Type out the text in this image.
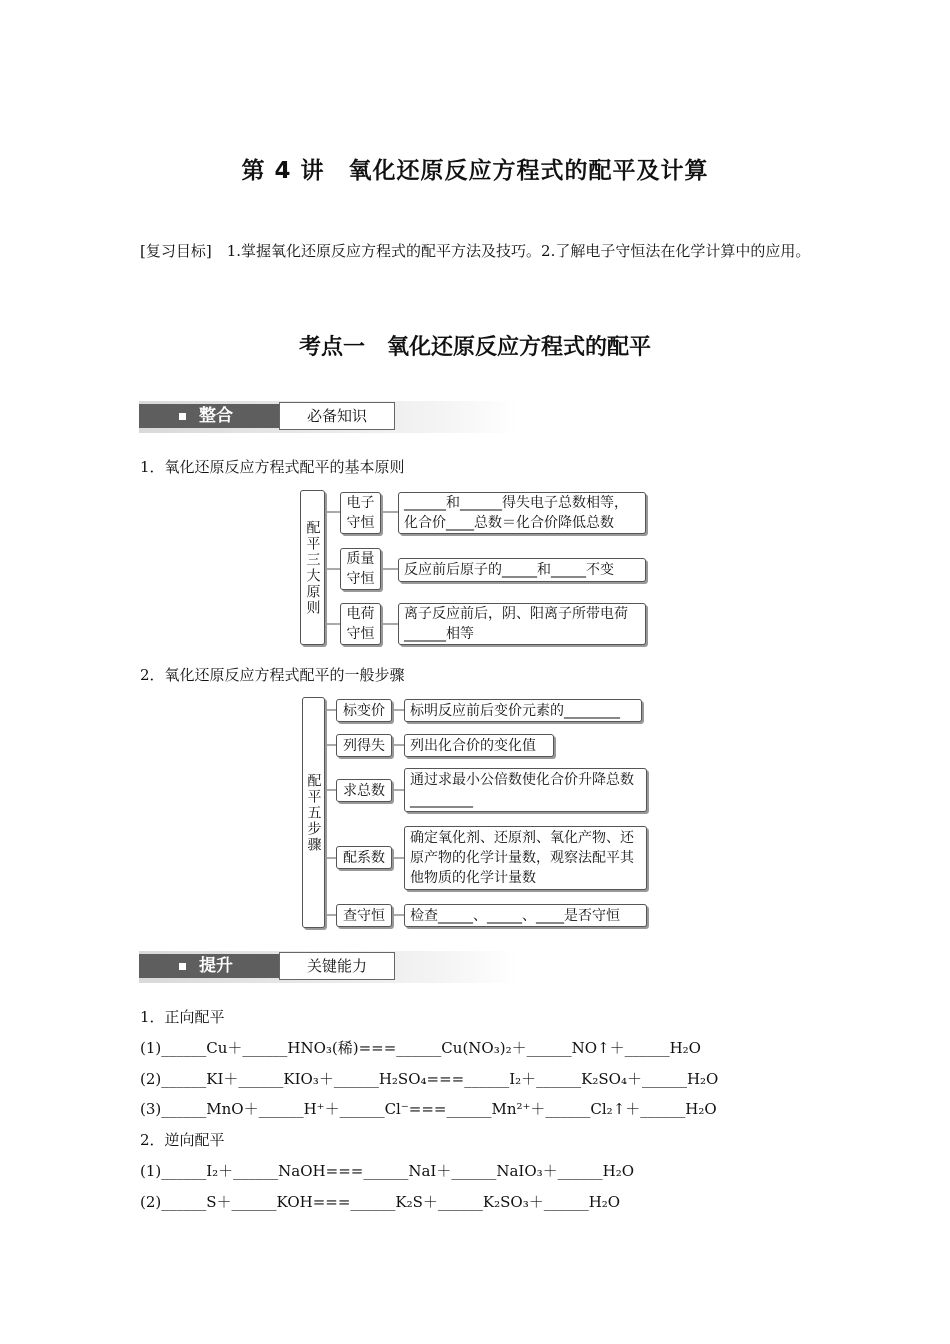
第 4 讲　氧化还原反应方程式的配平及计算
[复习目标]　1.掌握氧化还原反应方程式的配平方法及技巧。2.了解电子守恒法在化学计算中的应用。
考点一　氧化还原反应方程式的配平
整合	必备知识
1．氧化还原反应方程式配平的基本原则
配平三大原则
电子守恒
______和______得失电子总数相等，化合价____总数＝化合价降低总数
质量守恒
反应前后原子的_____和_____不变
电荷守恒
离子反应前后，阴、阳离子所带电荷______相等
2．氧化还原反应方程式配平的一般步骤
配平五步骤
标变价	标明反应前后变价元素的________
列得失	列出化合价的变化值
求总数
通过求最小公倍数使化合价升降总数_________
配系数
确定氧化剂、还原剂、氧化产物、还原产物的化学计量数，观察法配平其他物质的化学计量数
查守恒	检查_____、_____、____是否守恒
提升	关键能力
1．正向配平
(1)______Cu＋______HNO₃(稀)===______Cu(NO₃)₂＋______NO↑＋______H₂O
(2)______KI＋______KIO₃＋______H₂SO₄===______I₂＋______K₂SO₄＋______H₂O
(3)______MnO＋______H⁺＋______Cl⁻===______Mn²⁺＋______Cl₂↑＋______H₂O
2．逆向配平
(1)______I₂＋______NaOH===______NaI＋______NaIO₃＋______H₂O
(2)______S＋______KOH===______K₂S＋______K₂SO₃＋______H₂O
